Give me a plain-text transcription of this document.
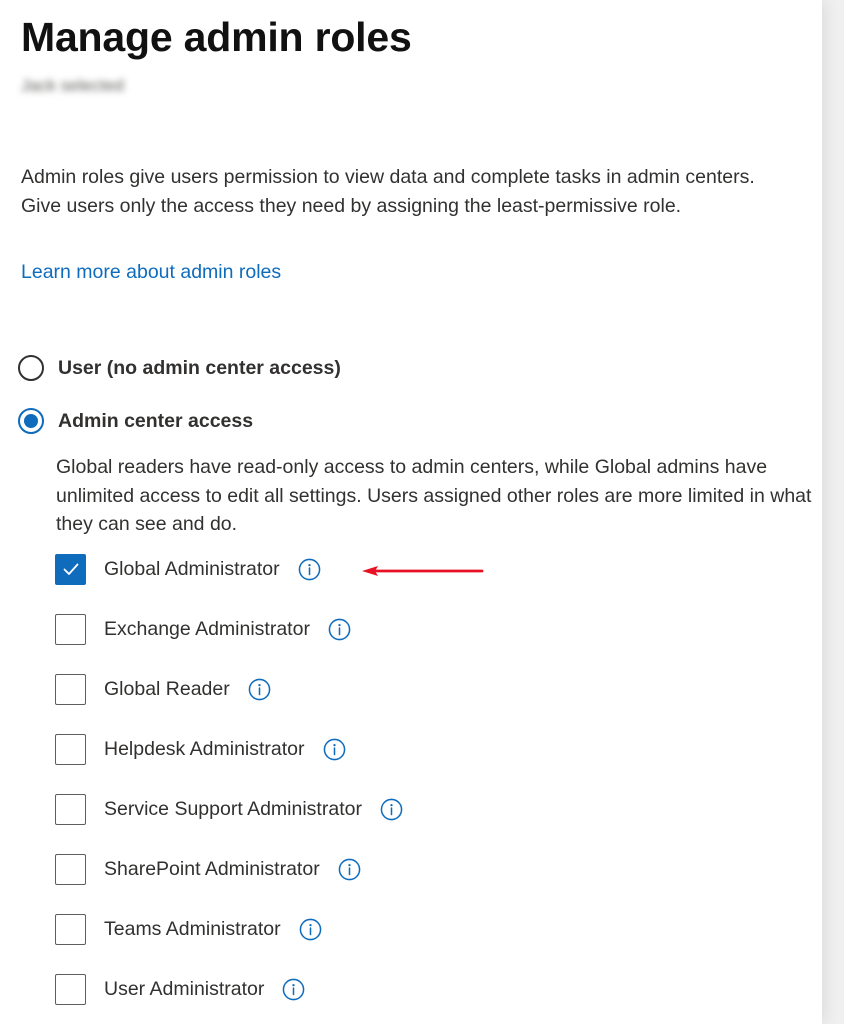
Manage admin roles
Jack selected
Admin roles give users permission to view data and complete tasks in admin centers. Give users only the access they need by assigning the least-permissive role.
Learn more about admin roles
User (no admin center access)
Admin center access
Global readers have read-only access to admin centers, while Global admins have unlimited access to edit all settings. Users assigned other roles are more limited in what they can see and do.
Global Administrator
Exchange Administrator
Global Reader
Helpdesk Administrator
Service Support Administrator
SharePoint Administrator
Teams Administrator
User Administrator
